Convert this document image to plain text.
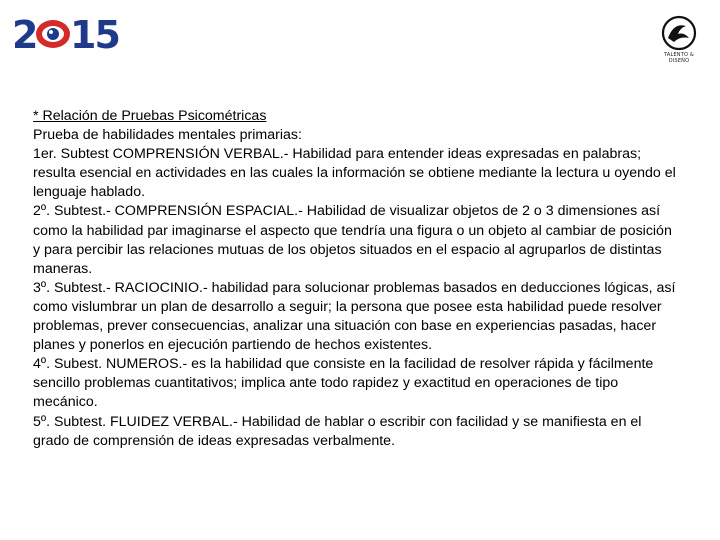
2 15	TALENTO & DISEÑO

* Relación de Pruebas Psicométricas

Prueba de habilidades mentales primarias:

1er. Subtest COMPRENSIÓN VERBAL.- Habilidad para entender ideas expresadas en palabras; resulta esencial en actividades en las cuales la información se obtiene mediante la lectura u oyendo el lenguaje hablado.

2º. Subtest.- COMPRENSIÓN ESPACIAL.- Habilidad de visualizar objetos de 2 o 3 dimensiones así como la habilidad par imaginarse el aspecto que tendría una figura o un objeto al cambiar de posición y para percibir las relaciones mutuas de los objetos situados en el espacio al agruparlos de distintas maneras.

3º. Subtest.- RACIOCINIO.- habilidad para solucionar problemas basados en deducciones lógicas, así como vislumbrar un plan de desarrollo a seguir; la persona que posee esta habilidad puede resolver problemas, prever consecuencias, analizar una situación con base en experiencias pasadas, hacer planes y ponerlos en ejecución partiendo de hechos existentes.

4º. Subest. NUMEROS.- es la habilidad que consiste en la facilidad de resolver rápida y fácilmente sencillo problemas cuantitativos; implica ante todo rapidez y exactitud en operaciones de tipo mecánico.

5º. Subtest. FLUIDEZ VERBAL.- Habilidad de hablar o escribir con facilidad y se manifiesta en el grado de comprensión de ideas expresadas verbalmente.
